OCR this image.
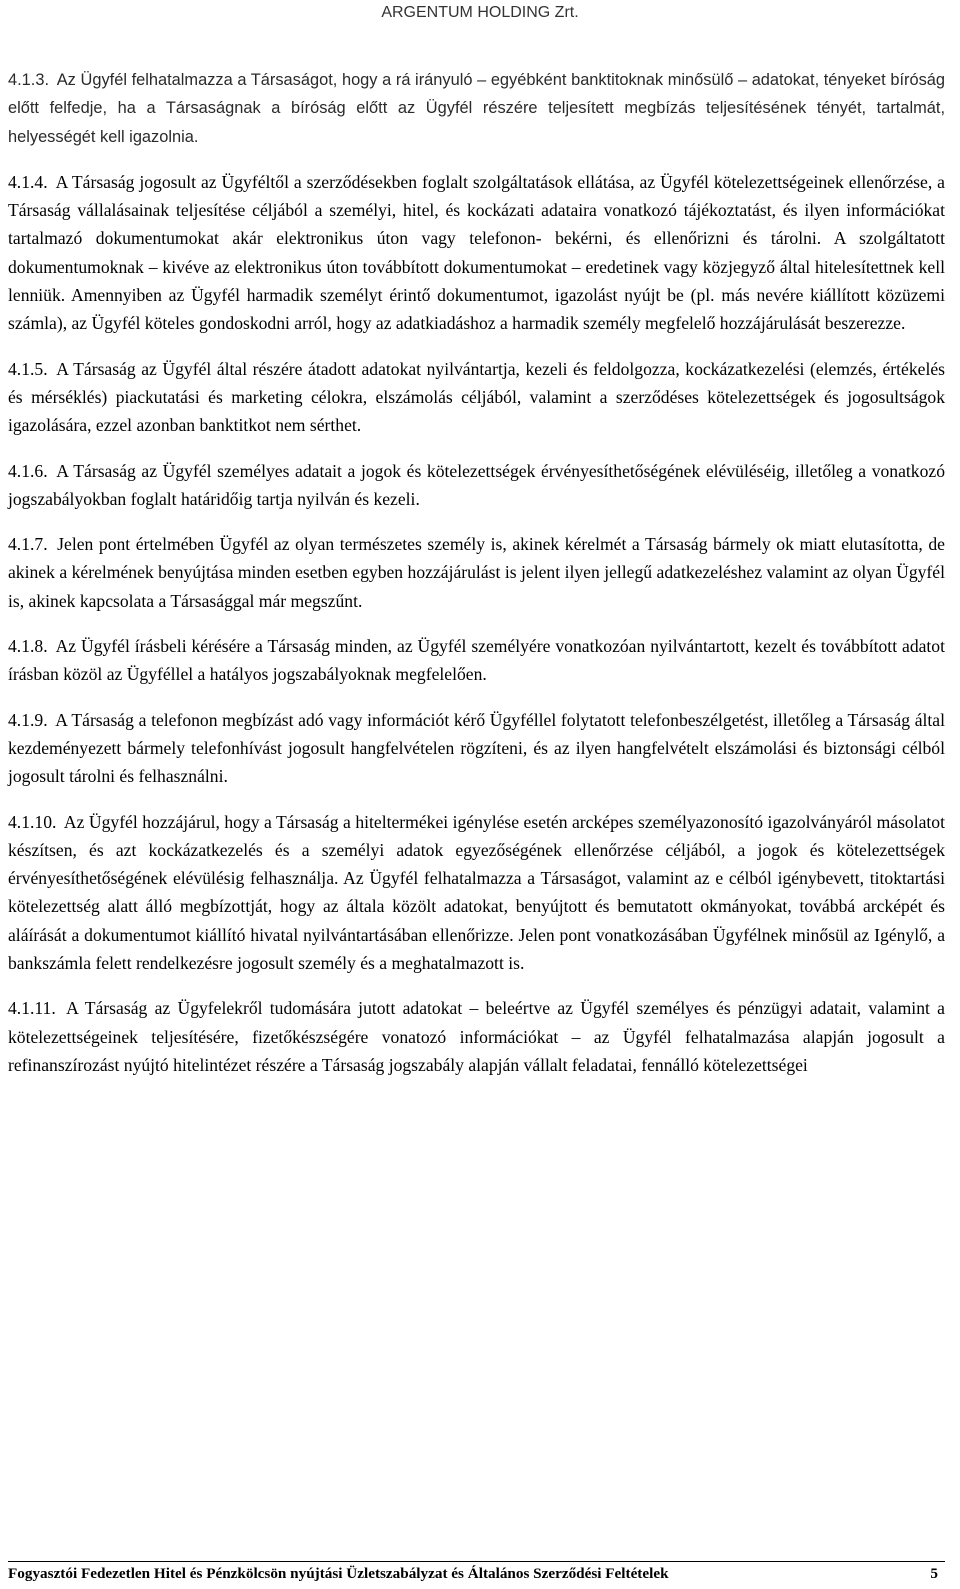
ARGENTUM HOLDING Zrt.

4.1.3. Az Ügyfél felhatalmazza a Társaságot, hogy a rá irányuló – egyébként banktitoknak minősülő – adatokat, tényeket bíróság előtt felfedje, ha a Társaságnak a bíróság előtt az Ügyfél részére teljesített megbízás teljesítésének tényét, tartalmát, helyességét kell igazolnia.

4.1.4. A Társaság jogosult az Ügyféltől a szerződésekben foglalt szolgáltatások ellátása, az Ügyfél kötelezettségeinek ellenőrzése, a Társaság vállalásainak teljesítése céljából a személyi, hitel, és kockázati adataira vonatkozó tájékoztatást, és ilyen információkat tartalmazó dokumentumokat akár elektronikus úton vagy telefonon- bekérni, és ellenőrizni és tárolni. A szolgáltatott dokumentumoknak – kivéve az elektronikus úton továbbított dokumentumokat – eredetinek vagy közjegyző által hitelesítettnek kell lenniük. Amennyiben az Ügyfél harmadik személyt érintő dokumentumot, igazolást nyújt be (pl. más nevére kiállított közüzemi számla), az Ügyfél köteles gondoskodni arról, hogy az adatkiadáshoz a harmadik személy megfelelő hozzájárulását beszerezze.

4.1.5. A Társaság az Ügyfél által részére átadott adatokat nyilvántartja, kezeli és feldolgozza, kockázatkezelési (elemzés, értékelés és mérséklés) piackutatási és marketing célokra, elszámolás céljából, valamint a szerződéses kötelezettségek és jogosultságok igazolására, ezzel azonban banktitkot nem sérthet.

4.1.6. A Társaság az Ügyfél személyes adatait a jogok és kötelezettségek érvényesíthetőségének elévüléséig, illetőleg a vonatkozó jogszabályokban foglalt határidőig tartja nyilván és kezeli.

4.1.7. Jelen pont értelmében Ügyfél az olyan természetes személy is, akinek kérelmét a Társaság bármely ok miatt elutasította, de akinek a kérelmének benyújtása minden esetben egyben hozzájárulást is jelent ilyen jellegű adatkezeléshez valamint az olyan Ügyfél is, akinek kapcsolata a Társasággal már megszűnt.

4.1.8. Az Ügyfél írásbeli kérésére a Társaság minden, az Ügyfél személyére vonatkozóan nyilvántartott, kezelt és továbbított adatot írásban közöl az Ügyféllel a hatályos jogszabályoknak megfelelően.

4.1.9. A Társaság a telefonon megbízást adó vagy információt kérő Ügyféllel folytatott telefonbeszélgetést, illetőleg a Társaság által kezdeményezett bármely telefonhívást jogosult hangfelvételen rögzíteni, és az ilyen hangfelvételt elszámolási és biztonsági célból jogosult tárolni és felhasználni.

4.1.10. Az Ügyfél hozzájárul, hogy a Társaság a hiteltermékei igénylése esetén arcképes személyazonosító igazolványáról másolatot készítsen, és azt kockázatkezelés és a személyi adatok egyezőségének ellenőrzése céljából, a jogok és kötelezettségek érvényesíthetőségének elévülésig felhasználja. Az Ügyfél felhatalmazza a Társaságot, valamint az e célból igénybevett, titoktartási kötelezettség alatt álló megbízottját, hogy az általa közölt adatokat, benyújtott és bemutatott okmányokat, továbbá arcképét és aláírását a dokumentumot kiállító hivatal nyilvántartásában ellenőrizze. Jelen pont vonatkozásában Ügyfélnek minősül az Igénylő, a bankszámla felett rendelkezésre jogosult személy és a meghatalmazott is.

4.1.11. A Társaság az Ügyfelekről tudomására jutott adatokat – beleértve az Ügyfél személyes és pénzügyi adatait, valamint a kötelezettségeinek teljesítésére, fizetőkészségére vonatozó információkat – az Ügyfél felhatalmazása alapján jogosult a refinanszírozást nyújtó hitelintézet részére a Társaság jogszabály alapján vállalt feladatai, fennálló kötelezettségei

Fogyasztói Fedezetlen Hitel és Pénzkölcsön nyújtási Üzletszabályzat és Általános Szerződési Feltételek	5
